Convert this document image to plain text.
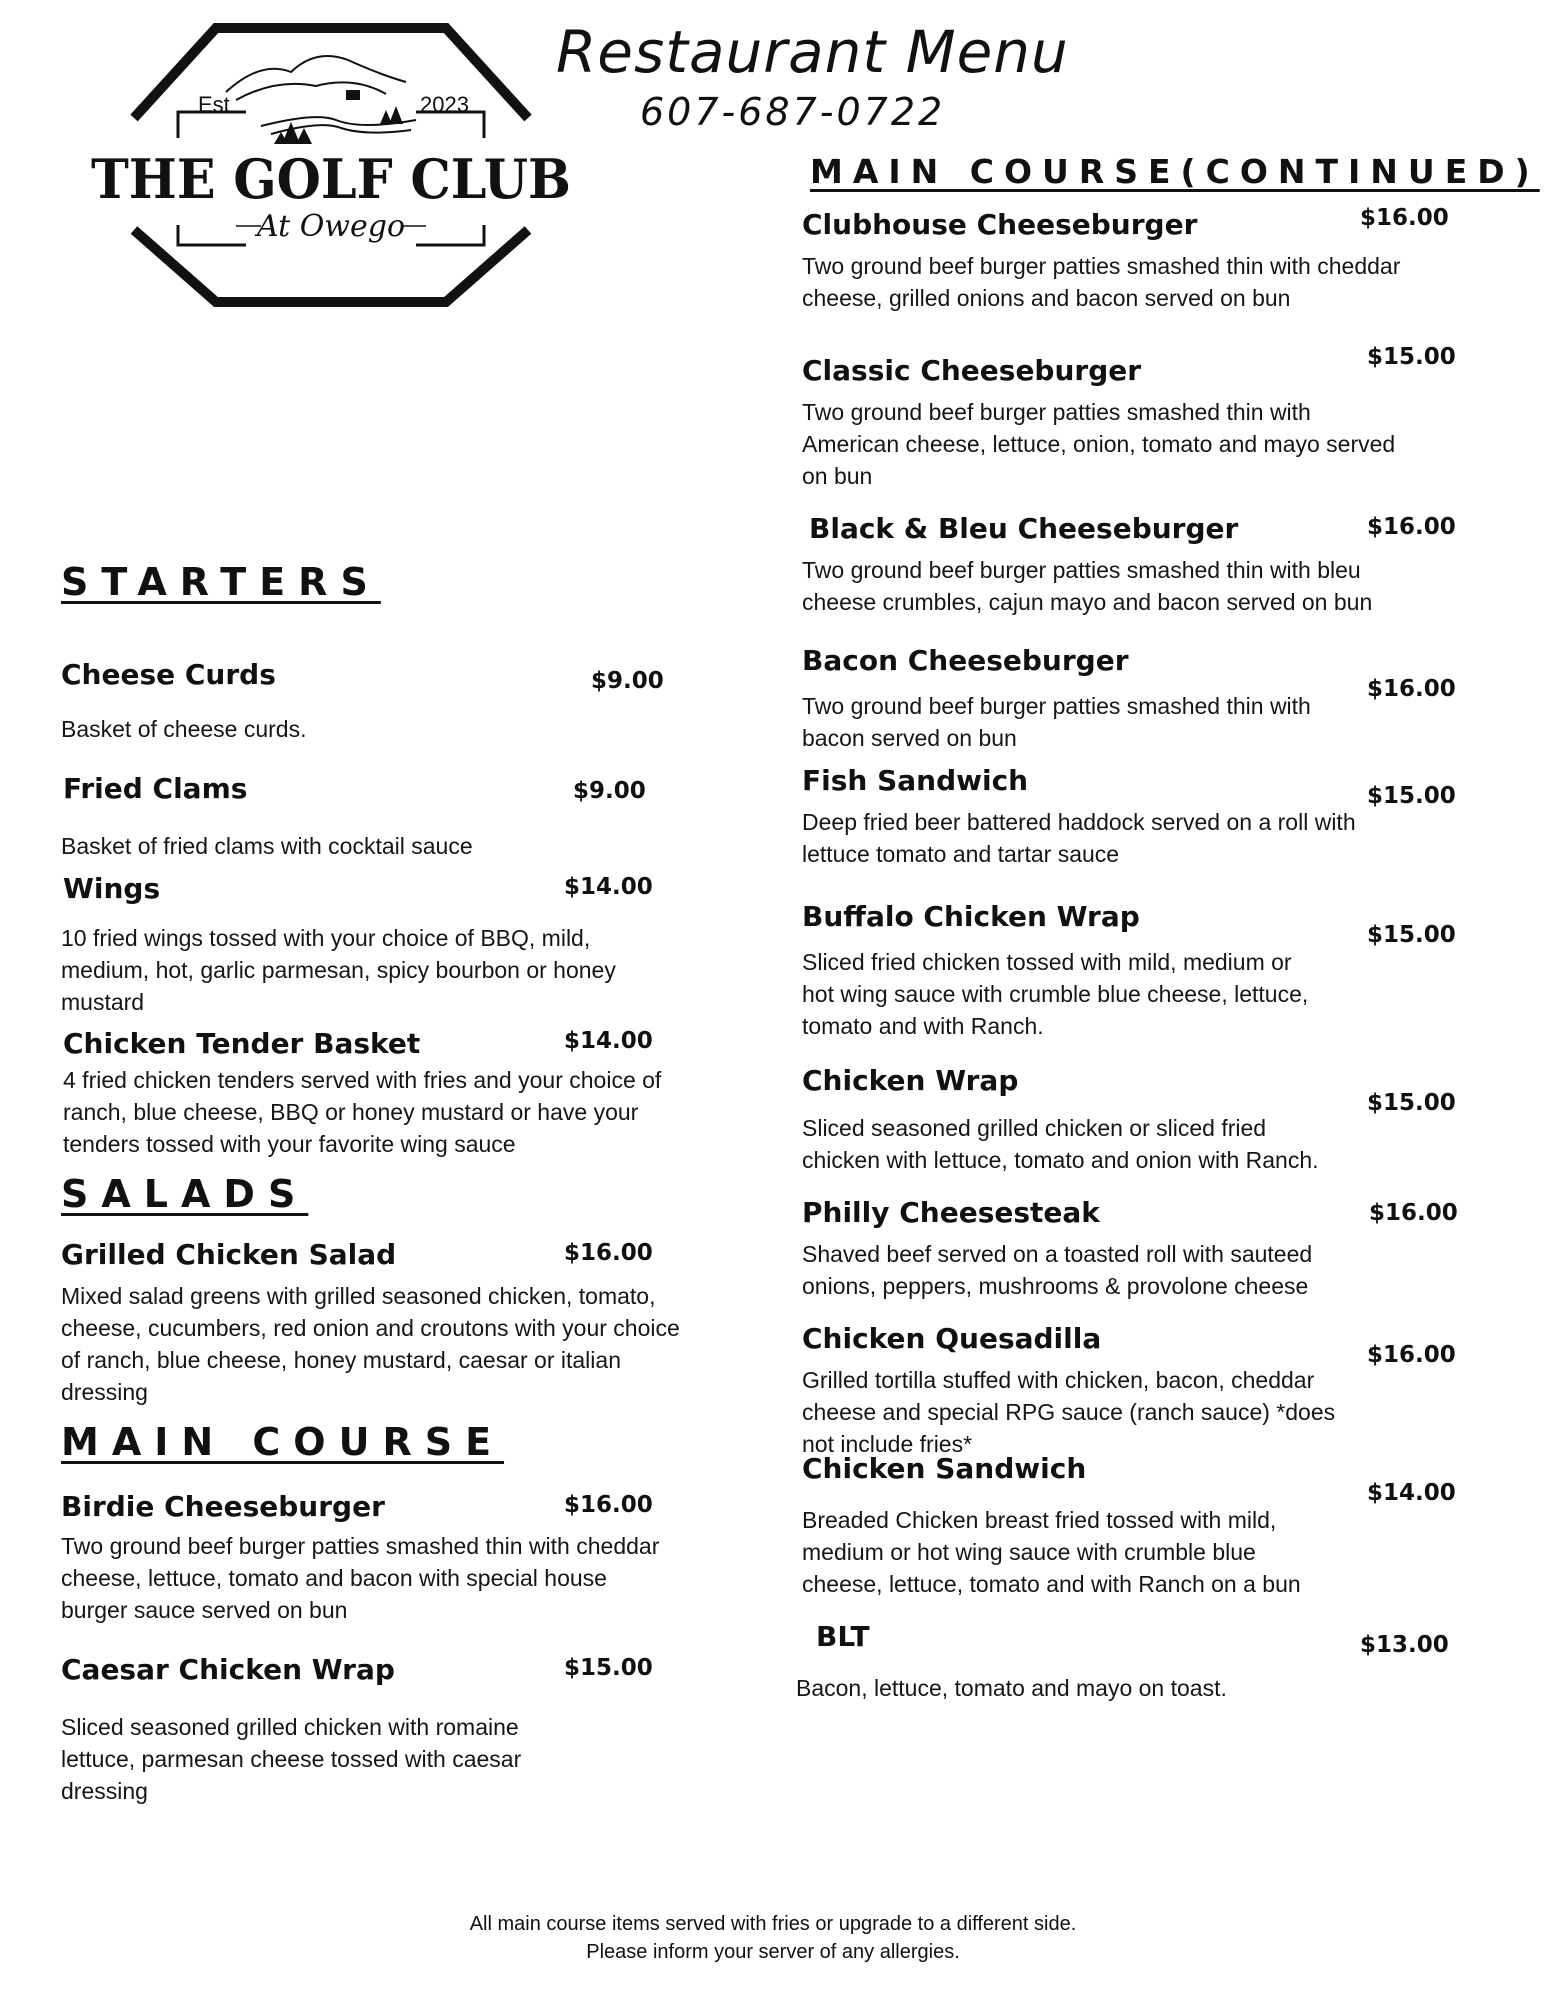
Restaurant Menu
607-687-0722
Est	2023
THE GOLF CLUB
At Owego
STARTERS
Cheese Curds	$9.00
Basket of cheese curds.
Fried Clams	$9.00
Basket of fried clams with cocktail sauce
Wings	$14.00
10 fried wings tossed with your choice of BBQ, mild, medium, hot, garlic parmesan, spicy bourbon or honey mustard
Chicken Tender Basket	$14.00
4 fried chicken tenders served with fries and your choice of ranch, blue cheese, BBQ or honey mustard or have your tenders tossed with your favorite wing sauce
SALADS
Grilled Chicken Salad	$16.00
Mixed salad greens with grilled seasoned chicken, tomato, cheese, cucumbers, red onion and croutons with your choice of ranch, blue cheese, honey mustard, caesar or italian dressing
MAIN COURSE
Birdie Cheeseburger	$16.00
Two ground beef burger patties smashed thin with cheddar cheese, lettuce, tomato and bacon with special house burger sauce served on bun
Caesar Chicken Wrap	$15.00
Sliced seasoned grilled chicken with romaine lettuce, parmesan cheese tossed with caesar dressing
MAIN COURSE(CONTINUED)
Clubhouse Cheeseburger	$16.00
Two ground beef burger patties smashed thin with cheddar cheese, grilled onions and bacon served on bun
Classic Cheeseburger	$15.00
Two ground beef burger patties smashed thin with American cheese, lettuce, onion, tomato and mayo served on bun
Black & Bleu Cheeseburger	$16.00
Two ground beef burger patties smashed thin with bleu cheese crumbles, cajun mayo and bacon served on bun
Bacon Cheeseburger
$16.00
Two ground beef burger patties smashed thin with bacon served on bun
Fish Sandwich	$15.00
Deep fried beer battered haddock served on a roll with lettuce tomato and tartar sauce
Buffalo Chicken Wrap
$15.00
Sliced fried chicken tossed with mild, medium or hot wing sauce with crumble blue cheese, lettuce, tomato and with Ranch.
Chicken Wrap
$15.00
Sliced seasoned grilled chicken or sliced fried chicken with lettuce, tomato and onion with Ranch.
Philly Cheesesteak	$16.00
Shaved beef served on a toasted roll with sauteed onions, peppers, mushrooms & provolone cheese
Chicken Quesadilla	$16.00
Grilled tortilla stuffed with chicken, bacon, cheddar cheese and special RPG sauce (ranch sauce) *does not include fries*
Chicken Sandwich
$14.00
Breaded Chicken breast fried tossed with mild, medium or hot wing sauce with crumble blue cheese, lettuce, tomato and with Ranch on a bun
BLT	$13.00
Bacon, lettuce, tomato and mayo on toast.
All main course items served with fries or upgrade to a different side.
Please inform your server of any allergies.
